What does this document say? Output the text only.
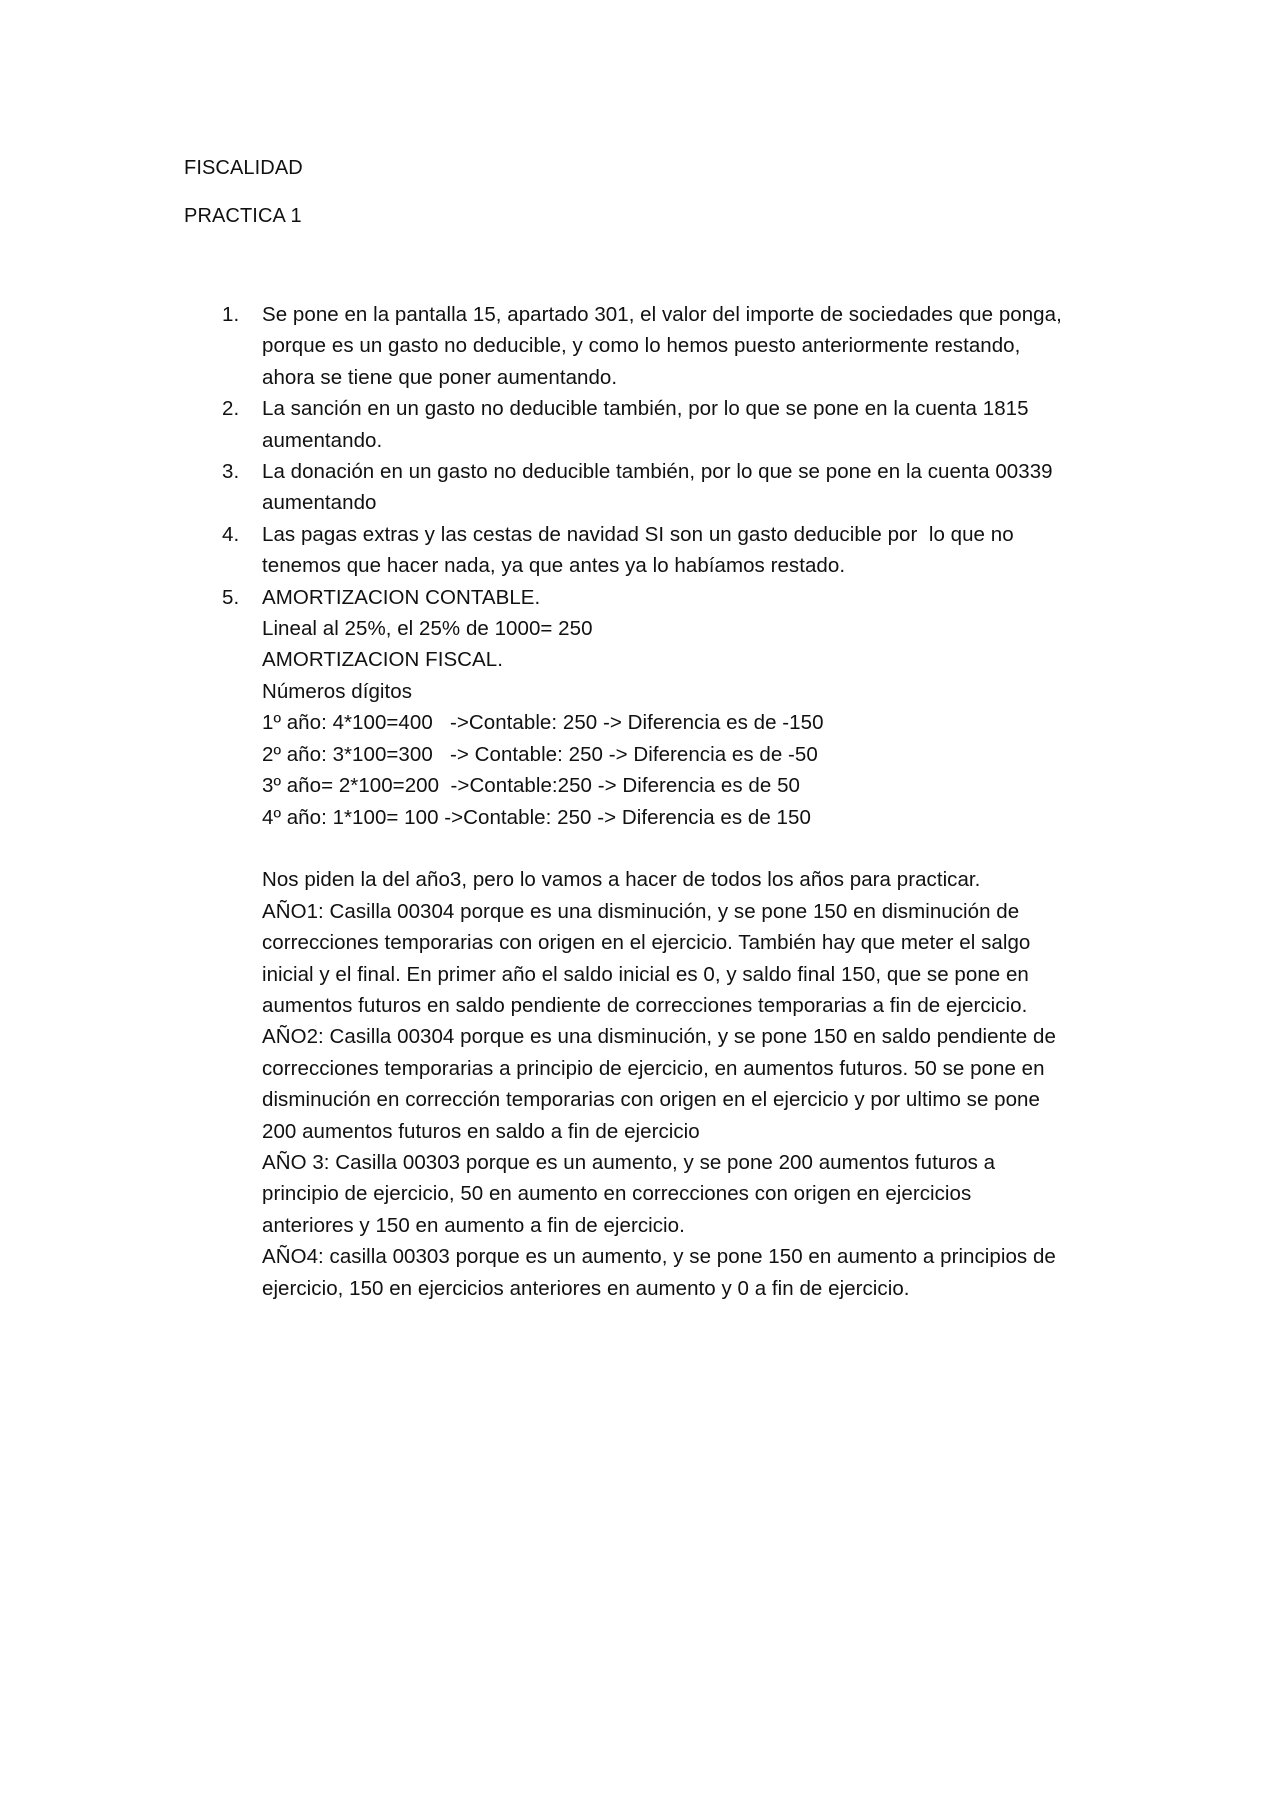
FISCALIDAD

PRACTICA 1

1. Se pone en la pantalla 15, apartado 301, el valor del importe de sociedades que ponga,
porque es un gasto no deducible, y como lo hemos puesto anteriormente restando,
ahora se tiene que poner aumentando.
2. La sanción en un gasto no deducible también, por lo que se pone en la cuenta 1815
aumentando.
3. La donación en un gasto no deducible también, por lo que se pone en la cuenta 00339
aumentando
4. Las pagas extras y las cestas de navidad SI son un gasto deducible por  lo que no
tenemos que hacer nada, ya que antes ya lo habíamos restado.
5. AMORTIZACION CONTABLE.
Lineal al 25%, el 25% de 1000= 250
AMORTIZACION FISCAL.
Números dígitos
1º año: 4*100=400   ->Contable: 250 -> Diferencia es de -150
2º año: 3*100=300   -> Contable: 250 -> Diferencia es de -50
3º año= 2*100=200  ->Contable:250 -> Diferencia es de 50
4º año: 1*100= 100 ->Contable: 250 -> Diferencia es de 150
Nos piden la del año3, pero lo vamos a hacer de todos los años para practicar.
AÑO1: Casilla 00304 porque es una disminución, y se pone 150 en disminución de
correcciones temporarias con origen en el ejercicio. También hay que meter el salgo
inicial y el final. En primer año el saldo inicial es 0, y saldo final 150, que se pone en
aumentos futuros en saldo pendiente de correcciones temporarias a fin de ejercicio.
AÑO2: Casilla 00304 porque es una disminución, y se pone 150 en saldo pendiente de
correcciones temporarias a principio de ejercicio, en aumentos futuros. 50 se pone en
disminución en corrección temporarias con origen en el ejercicio y por ultimo se pone
200 aumentos futuros en saldo a fin de ejercicio
AÑO 3: Casilla 00303 porque es un aumento, y se pone 200 aumentos futuros a
principio de ejercicio, 50 en aumento en correcciones con origen en ejercicios
anteriores y 150 en aumento a fin de ejercicio.
AÑO4: casilla 00303 porque es un aumento, y se pone 150 en aumento a principios de
ejercicio, 150 en ejercicios anteriores en aumento y 0 a fin de ejercicio.
